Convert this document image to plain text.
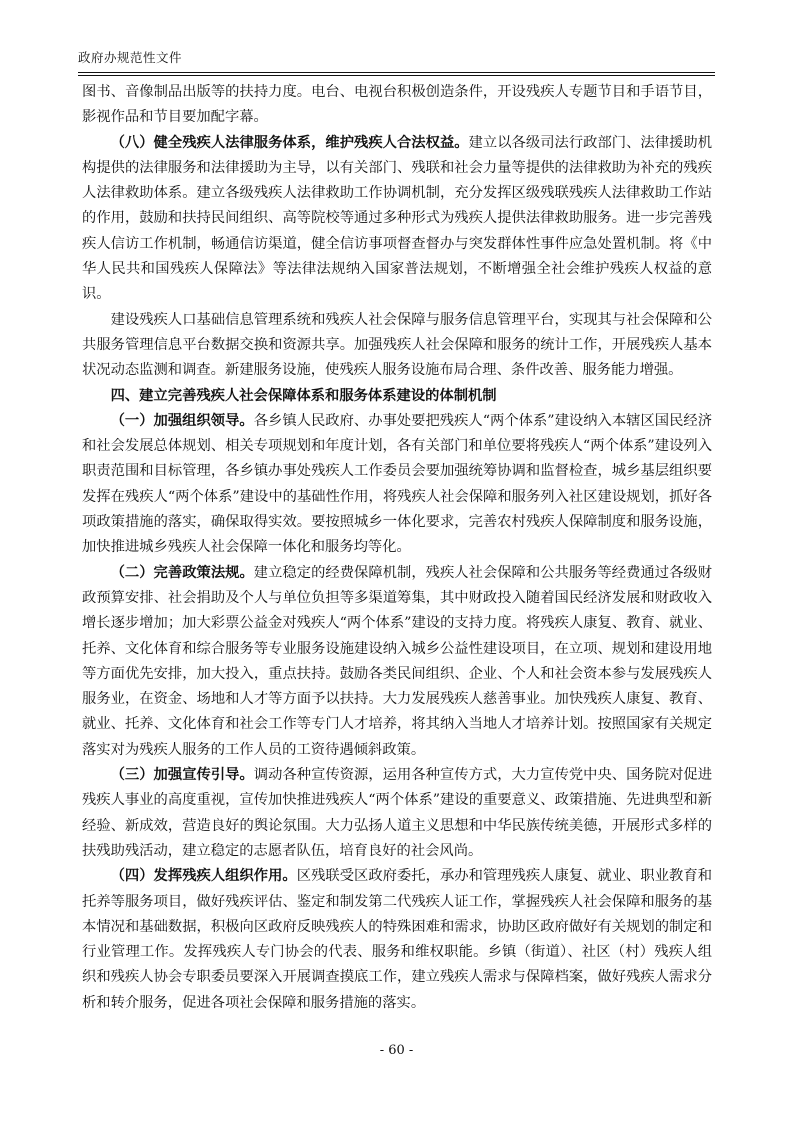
政府办规范性文件

图书、音像制品出版等的扶持力度。电台、电视台积极创造条件，开设残疾人专题节目和手语节目，影视作品和节目要加配字幕。

（八）健全残疾人法律服务体系，维护残疾人合法权益。建立以各级司法行政部门、法律援助机构提供的法律服务和法律援助为主导，以有关部门、残联和社会力量等提供的法律救助为补充的残疾人法律救助体系。建立各级残疾人法律救助工作协调机制，充分发挥区级残联残疾人法律救助工作站的作用，鼓励和扶持民间组织、高等院校等通过多种形式为残疾人提供法律救助服务。进一步完善残疾人信访工作机制，畅通信访渠道，健全信访事项督查督办与突发群体性事件应急处置机制。将《中华人民共和国残疾人保障法》等法律法规纳入国家普法规划，不断增强全社会维护残疾人权益的意识。

建设残疾人口基础信息管理系统和残疾人社会保障与服务信息管理平台，实现其与社会保障和公共服务管理信息平台数据交换和资源共享。加强残疾人社会保障和服务的统计工作，开展残疾人基本状况动态监测和调查。新建服务设施，使残疾人服务设施布局合理、条件改善、服务能力增强。

四、建立完善残疾人社会保障体系和服务体系建设的体制机制

（一）加强组织领导。各乡镇人民政府、办事处要把残疾人“两个体系”建设纳入本辖区国民经济和社会发展总体规划、相关专项规划和年度计划，各有关部门和单位要将残疾人“两个体系”建设列入职责范围和目标管理，各乡镇办事处残疾人工作委员会要加强统筹协调和监督检查，城乡基层组织要发挥在残疾人“两个体系”建设中的基础性作用，将残疾人社会保障和服务列入社区建设规划，抓好各项政策措施的落实，确保取得实效。要按照城乡一体化要求，完善农村残疾人保障制度和服务设施，加快推进城乡残疾人社会保障一体化和服务均等化。

（二）完善政策法规。建立稳定的经费保障机制，残疾人社会保障和公共服务等经费通过各级财政预算安排、社会捐助及个人与单位负担等多渠道筹集，其中财政投入随着国民经济发展和财政收入增长逐步增加；加大彩票公益金对残疾人“两个体系”建设的支持力度。将残疾人康复、教育、就业、托养、文化体育和综合服务等专业服务设施建设纳入城乡公益性建设项目，在立项、规划和建设用地等方面优先安排，加大投入，重点扶持。鼓励各类民间组织、企业、个人和社会资本参与发展残疾人服务业，在资金、场地和人才等方面予以扶持。大力发展残疾人慈善事业。加快残疾人康复、教育、就业、托养、文化体育和社会工作等专门人才培养，将其纳入当地人才培养计划。按照国家有关规定落实对为残疾人服务的工作人员的工资待遇倾斜政策。

（三）加强宣传引导。调动各种宣传资源，运用各种宣传方式，大力宣传党中央、国务院对促进残疾人事业的高度重视，宣传加快推进残疾人“两个体系”建设的重要意义、政策措施、先进典型和新经验、新成效，营造良好的舆论氛围。大力弘扬人道主义思想和中华民族传统美德，开展形式多样的扶残助残活动，建立稳定的志愿者队伍，培育良好的社会风尚。

（四）发挥残疾人组织作用。区残联受区政府委托，承办和管理残疾人康复、就业、职业教育和托养等服务项目，做好残疾评估、鉴定和制发第二代残疾人证工作，掌握残疾人社会保障和服务的基本情况和基础数据，积极向区政府反映残疾人的特殊困难和需求，协助区政府做好有关规划的制定和行业管理工作。发挥残疾人专门协会的代表、服务和维权职能。乡镇（街道）、社区（村）残疾人组织和残疾人协会专职委员要深入开展调查摸底工作，建立残疾人需求与保障档案，做好残疾人需求分析和转介服务，促进各项社会保障和服务措施的落实。

- 60 -
